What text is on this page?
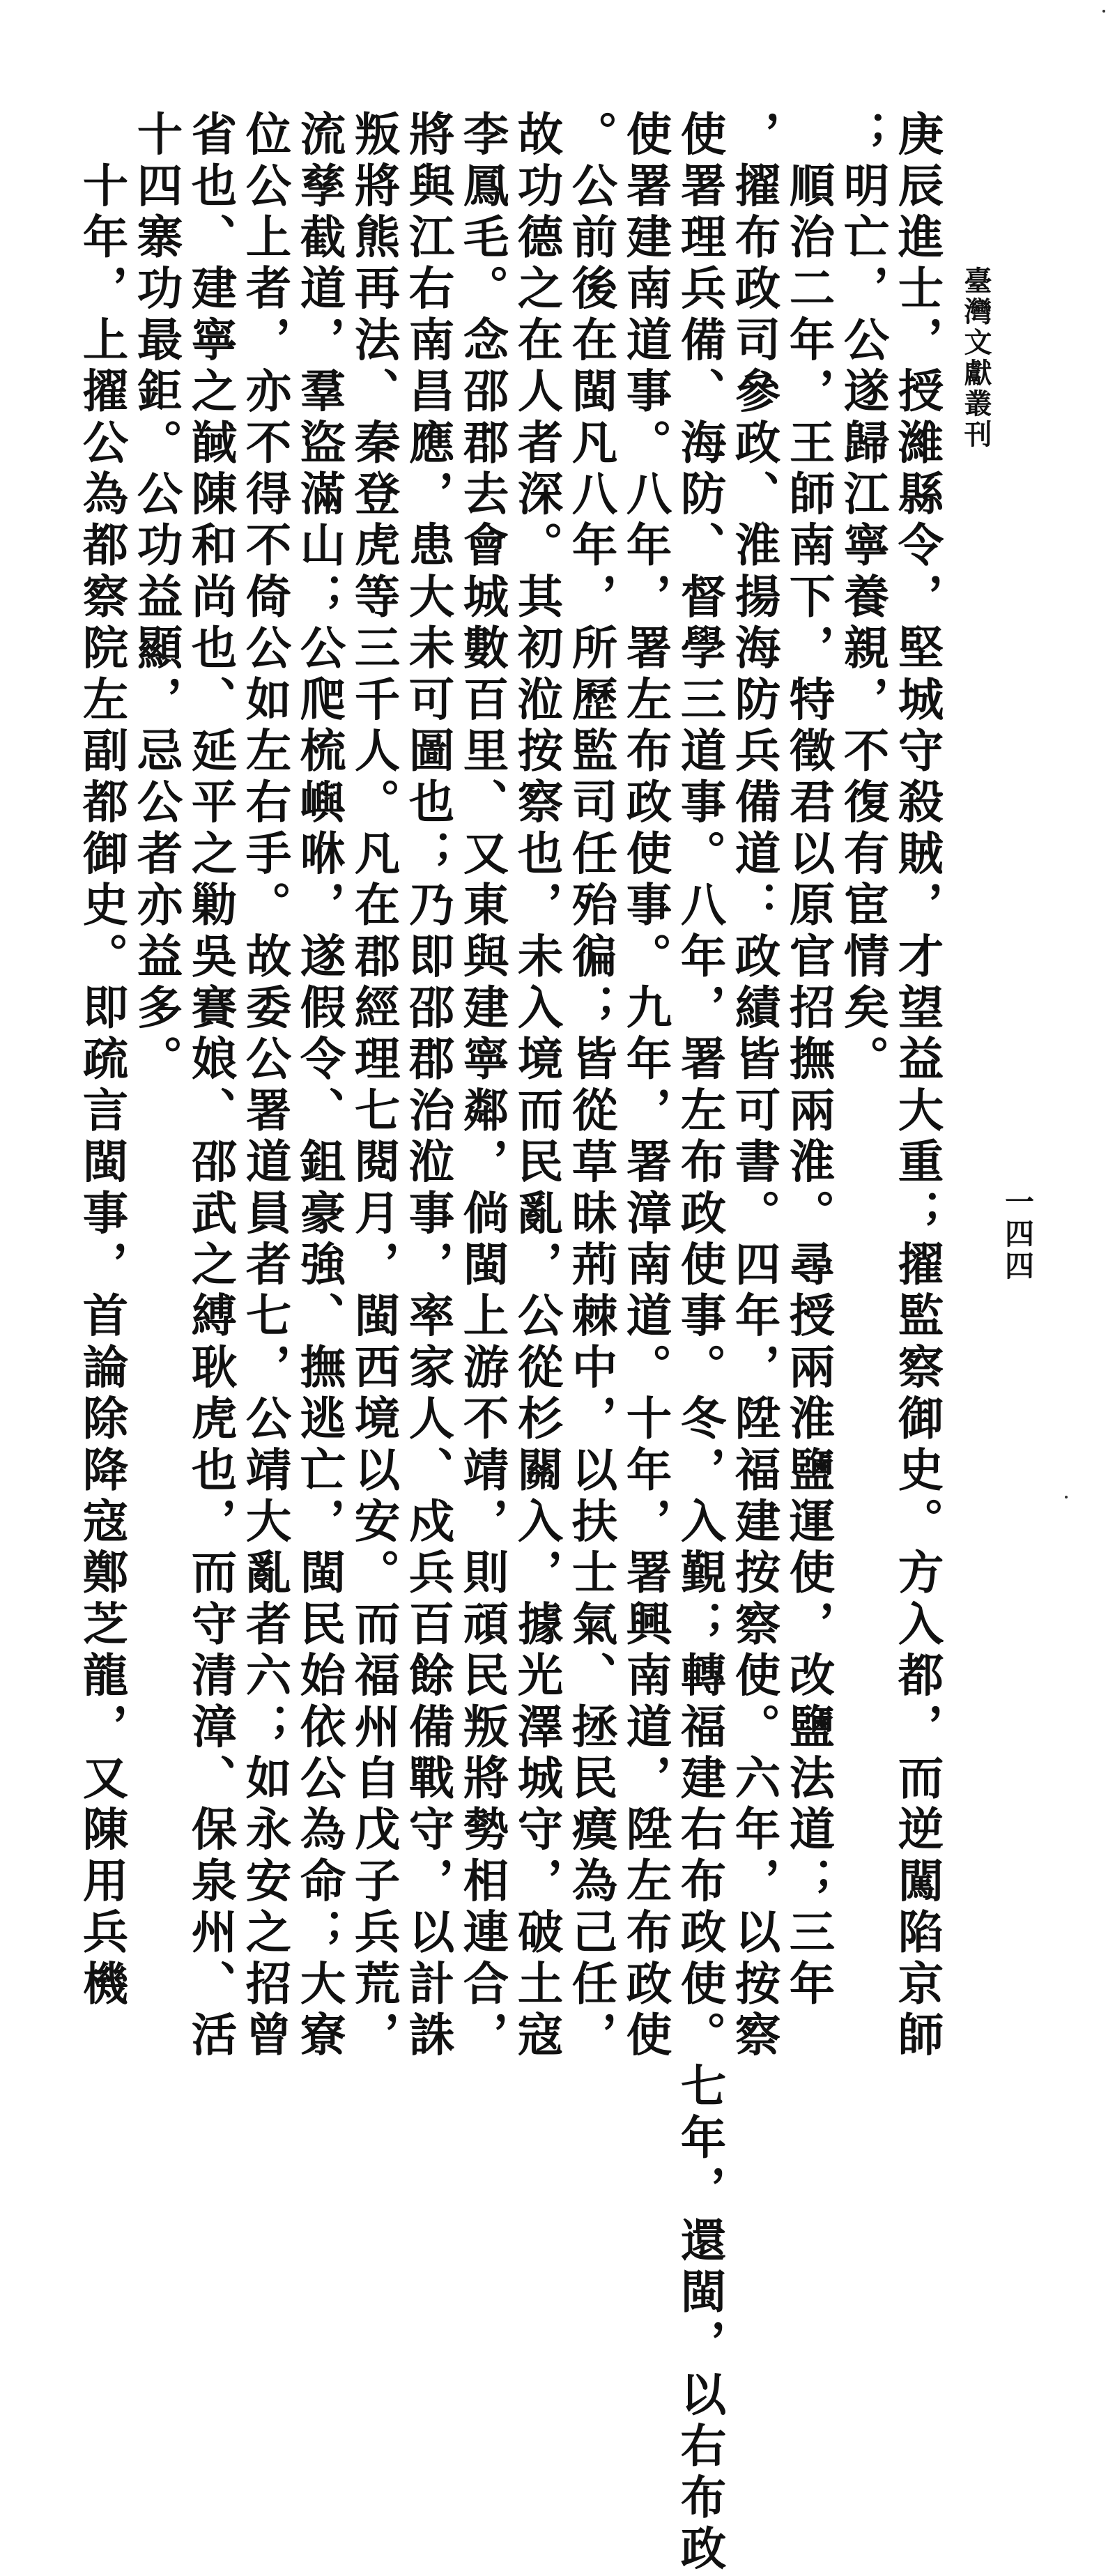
臺灣文獻叢刊
一四四
庚辰進士，授濰縣令，堅城守殺賊，才望益大重；擢監察御史。方入都，而逆闖陷京師
；明亡，公遂歸江寧養親，不復有宦情矣。
　順治二年，王師南下，特徵君以原官招撫兩淮。尋授兩淮鹽運使，改鹽法道；三年
，擢布政司參政、淮揚海防兵備道：政績皆可書。四年，陞福建按察使。六年，以按察
使署理兵備、海防、督學三道事。八年，署左布政使事。冬，入覲；轉福建右布政使。七年，還閩，以右布政
使署建南道事。八年，署左布政使事。九年，署漳南道。十年，署興南道，陞左布政使
。公前後在閩凡八年，所歷監司任殆徧；皆從草昧荊棘中，以扶士氣、拯民瘼為己任，
故功德之在人者深。其初涖按察也，未入境而民亂，公從杉關入，據光澤城守，破土寇
李鳳毛。念邵郡去會城數百里、又東與建寧鄰，倘閩上游不靖，則頑民叛將勢相連合，
將與江右南昌應，患大未可圖也；乃即邵郡治涖事，率家人、戍兵百餘備戰守，以計誅
叛將熊再法、秦登虎等三千人。凡在郡經理七閱月，閩西境以安。而福州自戊子兵荒，
流孳截道，羣盜滿山；公爬梳嶼咻，遂假令、鉏豪強、撫逃亡，閩民始依公為命；大寮
位公上者，亦不得不倚公如左右手。故委公署道員者七，公靖大亂者六；如永安之招曾
省也、建寧之馘陳和尚也、延平之勦吳賽娘、邵武之縛耿虎也，而守清漳、保泉州、活
十四寨功最鉅。公功益顯，忌公者亦益多。
　十年，上擢公為都察院左副都御史。即疏言閩事，首論除降寇鄭芝龍，又陳用兵機
